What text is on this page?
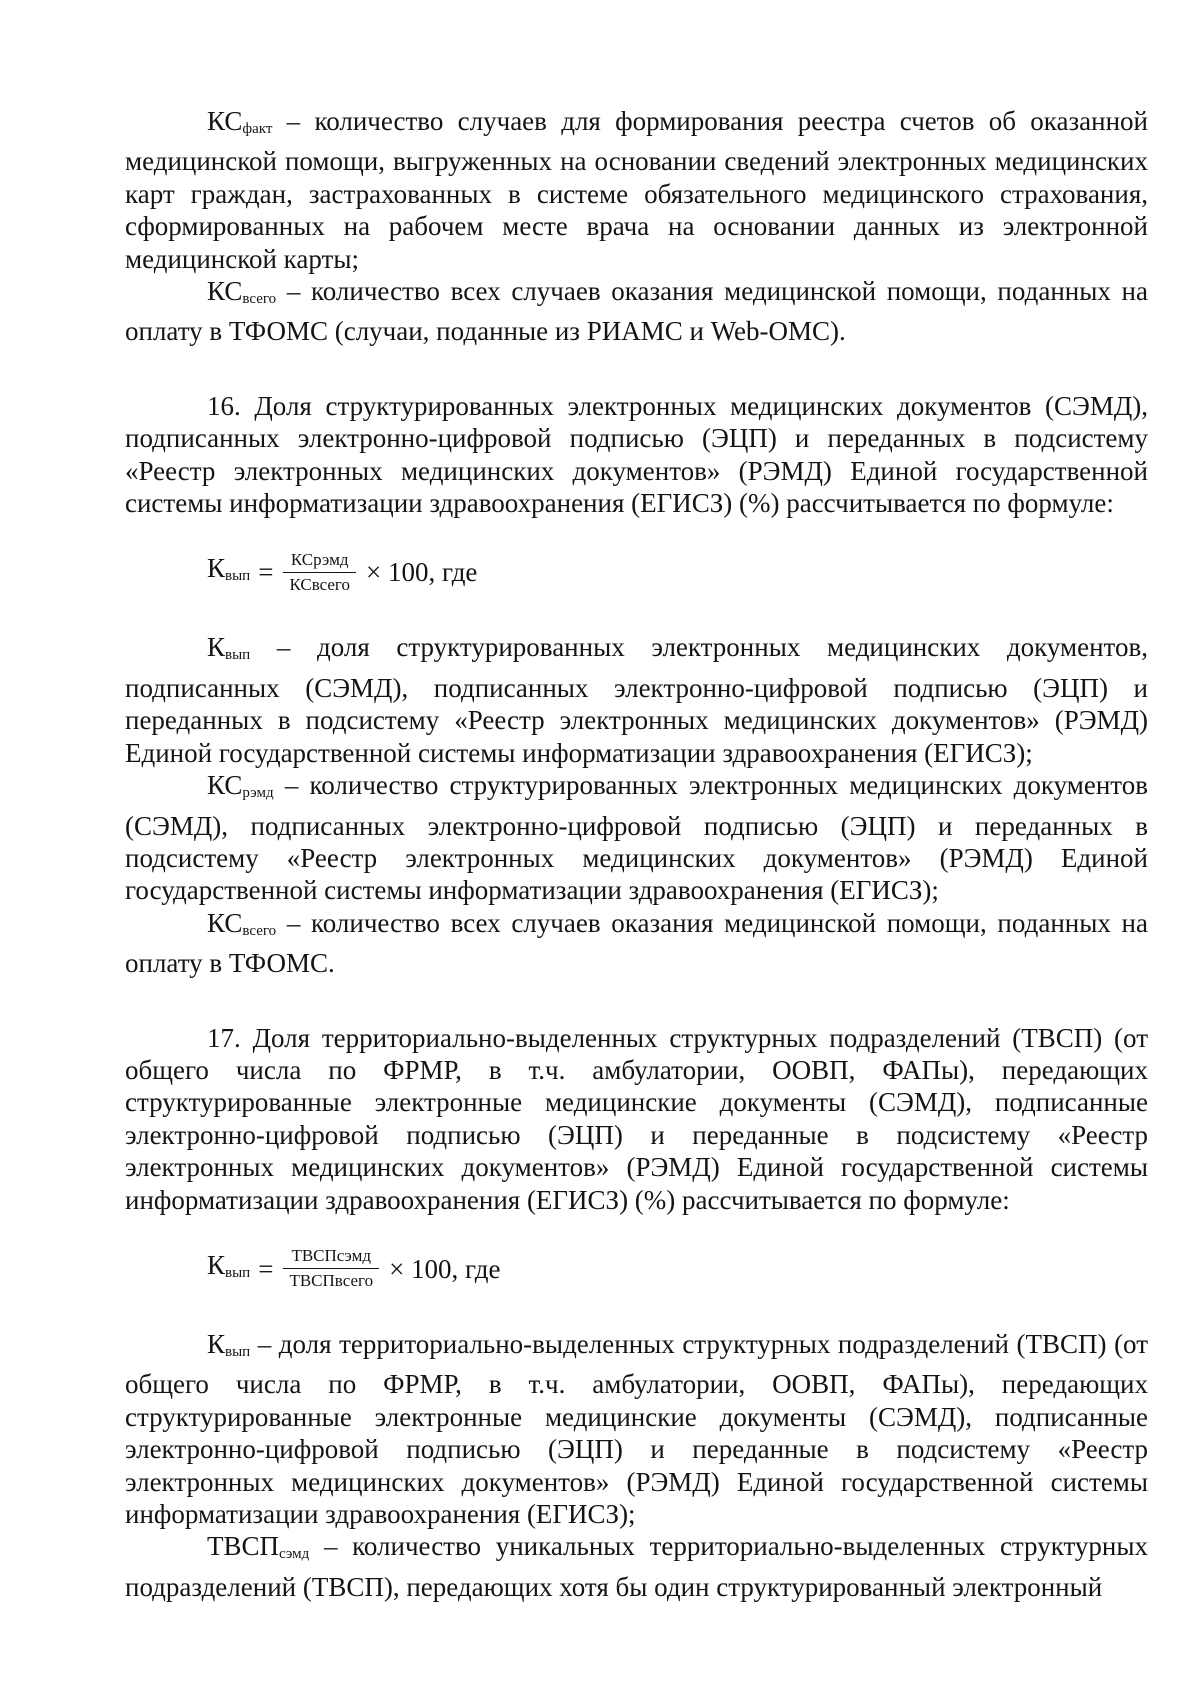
$КС_{факт}$ – количество случаев для формирования реестра счетов об оказанной медицинской помощи, выгруженных на основании сведений электронных медицинских карт граждан, застрахованных в системе обязательного медицинского страхования, сформированных на рабочем месте врача на основании данных из электронной медицинской карты;

$КС_{всего}$ – количество всех случаев оказания медицинской помощи, поданных на оплату в ТФОМС (случаи, поданные из РИАМС и Web-ОМС).

16. Доля структурированных электронных медицинских документов (СЭМД), подписанных электронно-цифровой подписью (ЭЦП) и переданных в подсистему «Реестр электронных медицинских документов» (РЭМД) Единой государственной системы информатизации здравоохранения (ЕГИСЗ) (%) рассчитывается по формуле:

$К_{вып} = \frac{\text{КСрэмд}}{\text{КСвсего}} \times 100$, где

$К_{вып}$ – доля структурированных электронных медицинских документов, подписанных (СЭМД), подписанных электронно-цифровой подписью (ЭЦП) и переданных в подсистему «Реестр электронных медицинских документов» (РЭМД) Единой государственной системы информатизации здравоохранения (ЕГИСЗ);

$КС_{рэмд}$ – количество структурированных электронных медицинских документов (СЭМД), подписанных электронно-цифровой подписью (ЭЦП) и переданных в подсистему «Реестр электронных медицинских документов» (РЭМД) Единой государственной системы информатизации здравоохранения (ЕГИСЗ);

$КС_{всего}$ – количество всех случаев оказания медицинской помощи, поданных на оплату в ТФОМС.

17. Доля территориально-выделенных структурных подразделений (ТВСП) (от общего числа по ФРМР, в т.ч. амбулатории, ООВП, ФАПы), передающих структурированные электронные медицинские документы (СЭМД), подписанные электронно-цифровой подписью (ЭЦП) и переданные в подсистему «Реестр электронных медицинских документов» (РЭМД) Единой государственной системы информатизации здравоохранения (ЕГИСЗ) (%) рассчитывается по формуле:

$К_{вып} = \frac{\text{ТВСПсэмд}}{\text{ТВСПвсего}} \times 100$, где

$К_{вып}$ – доля территориально-выделенных структурных подразделений (ТВСП) (от общего числа по ФРМР, в т.ч. амбулатории, ООВП, ФАПы), передающих структурированные электронные медицинские документы (СЭМД), подписанные электронно-цифровой подписью (ЭЦП) и переданные в подсистему «Реестр электронных медицинских документов» (РЭМД) Единой государственной системы информатизации здравоохранения (ЕГИСЗ);

$ТВСП_{сэмд}$ – количество уникальных территориально-выделенных структурных подразделений (ТВСП), передающих хотя бы один структурированный электронный
